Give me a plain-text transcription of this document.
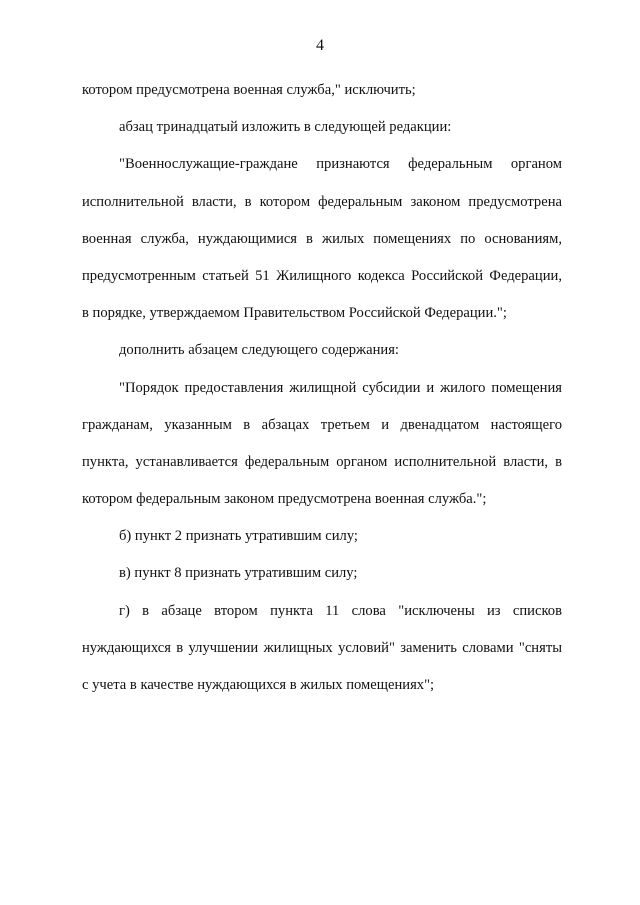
4
котором предусмотрена военная служба," исключить;
абзац тринадцатый изложить в следующей редакции:
"Военнослужащие-граждане признаются федеральным органом
исполнительной власти, в котором федеральным законом предусмотрена
военная служба, нуждающимися в жилых помещениях по основаниям,
предусмотренным статьей 51 Жилищного кодекса Российской Федерации,
в порядке, утверждаемом Правительством Российской Федерации.";
дополнить абзацем следующего содержания:
"Порядок предоставления жилищной субсидии и жилого помещения
гражданам, указанным в абзацах третьем и двенадцатом настоящего
пункта, устанавливается федеральным органом исполнительной власти, в
котором федеральным законом предусмотрена военная служба.";
б) пункт 2 признать утратившим силу;
в) пункт 8 признать утратившим силу;
г) в абзаце втором пункта 11 слова "исключены из списков
нуждающихся в улучшении жилищных условий" заменить словами "сняты
с учета в качестве нуждающихся в жилых помещениях";
